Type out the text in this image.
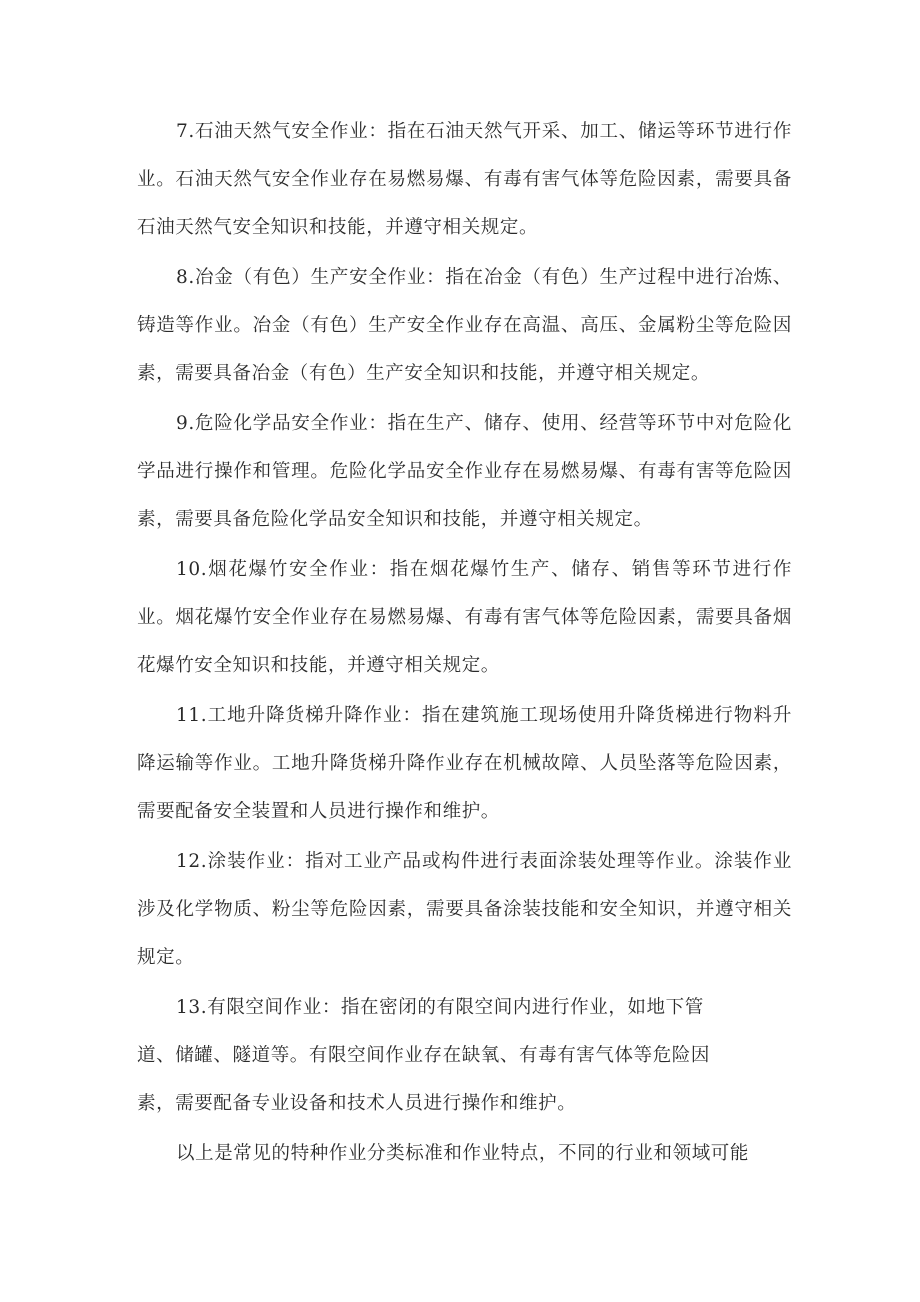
7.石油天然气安全作业：指在石油天然气开采、加工、储运等环节进行作业。石油天然气安全作业存在易燃易爆、有毒有害气体等危险因素，需要具备石油天然气安全知识和技能，并遵守相关规定。

8.冶金（有色）生产安全作业：指在冶金（有色）生产过程中进行冶炼、铸造等作业。冶金（有色）生产安全作业存在高温、高压、金属粉尘等危险因素，需要具备冶金（有色）生产安全知识和技能，并遵守相关规定。

9.危险化学品安全作业：指在生产、储存、使用、经营等环节中对危险化学品进行操作和管理。危险化学品安全作业存在易燃易爆、有毒有害等危险因素，需要具备危险化学品安全知识和技能，并遵守相关规定。

10.烟花爆竹安全作业：指在烟花爆竹生产、储存、销售等环节进行作业。烟花爆竹安全作业存在易燃易爆、有毒有害气体等危险因素，需要具备烟花爆竹安全知识和技能，并遵守相关规定。

11.工地升降货梯升降作业：指在建筑施工现场使用升降货梯进行物料升降运输等作业。工地升降货梯升降作业存在机械故障、人员坠落等危险因素，需要配备安全装置和人员进行操作和维护。

12.涂装作业：指对工业产品或构件进行表面涂装处理等作业。涂装作业涉及化学物质、粉尘等危险因素，需要具备涂装技能和安全知识，并遵守相关规定。

13.有限空间作业：指在密闭的有限空间内进行作业，如地下管
道、储罐、隧道等。有限空间作业存在缺氧、有毒有害气体等危险因
素，需要配备专业设备和技术人员进行操作和维护。

以上是常见的特种作业分类标准和作业特点，不同的行业和领域可能
